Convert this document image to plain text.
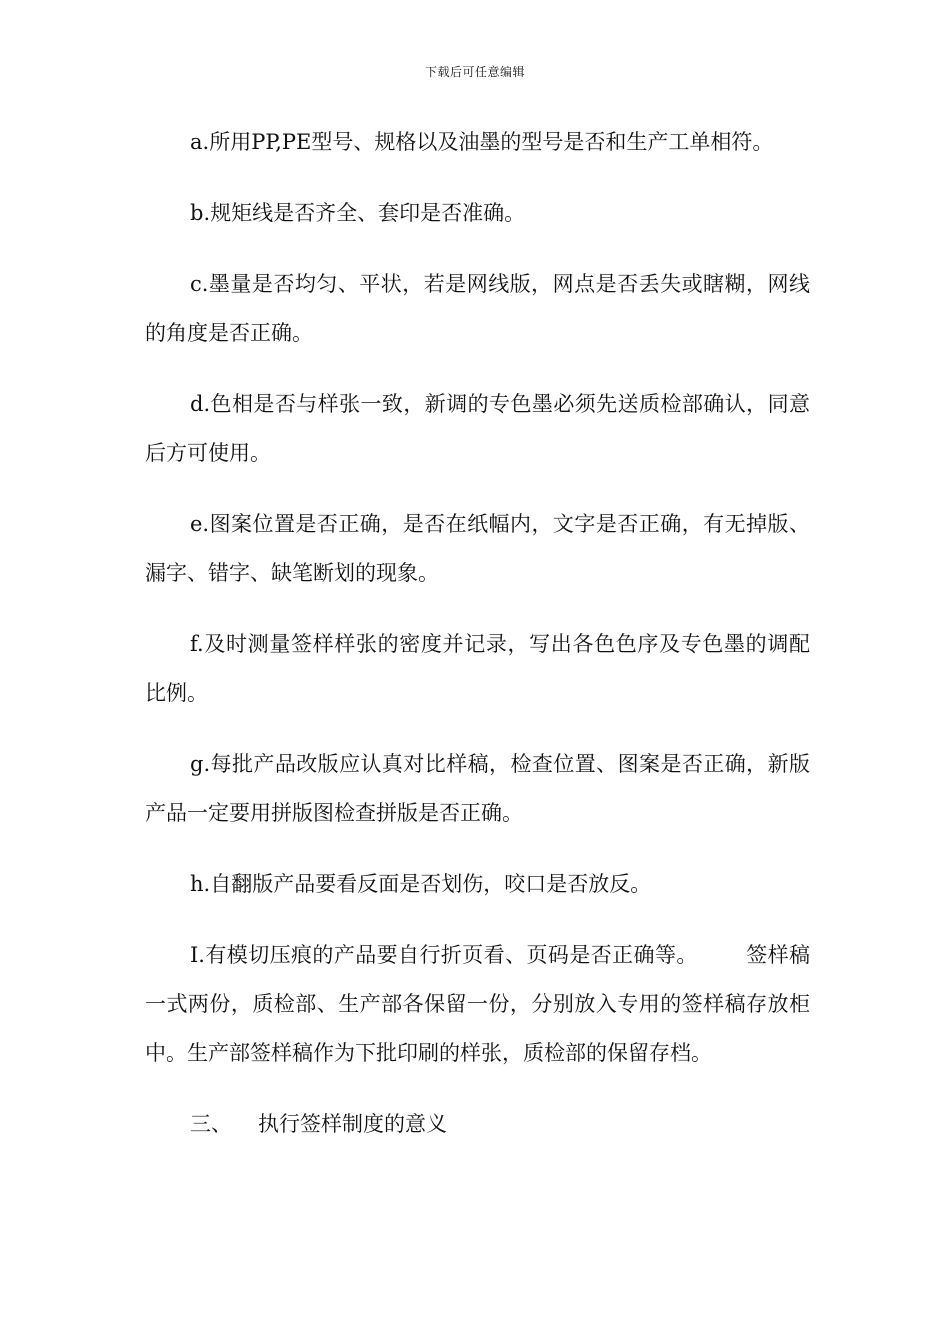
下载后可任意编辑

a.所用PP,PE型号、规格以及油墨的型号是否和生产工单相符。

b.规矩线是否齐全、套印是否准确。

c.墨量是否均匀、平状，若是网线版，网点是否丢失或瞎糊，网线的角度是否正确。

d.色相是否与样张一致，新调的专色墨必须先送质检部确认，同意后方可使用。

e.图案位置是否正确，是否在纸幅内，文字是否正确，有无掉版、漏字、错字、缺笔断划的现象。

f.及时测量签样样张的密度并记录，写出各色色序及专色墨的调配比例。

g.每批产品改版应认真对比样稿，检查位置、图案是否正确，新版产品一定要用拼版图检查拼版是否正确。

h.自翻版产品要看反面是否划伤，咬口是否放反。

I.有模切压痕的产品要自行折页看、页码是否正确等。 签样稿一式两份，质检部、生产部各保留一份，分别放入专用的签样稿存放柜中。生产部签样稿作为下批印刷的样张，质检部的保留存档。

三、 执行签样制度的意义
